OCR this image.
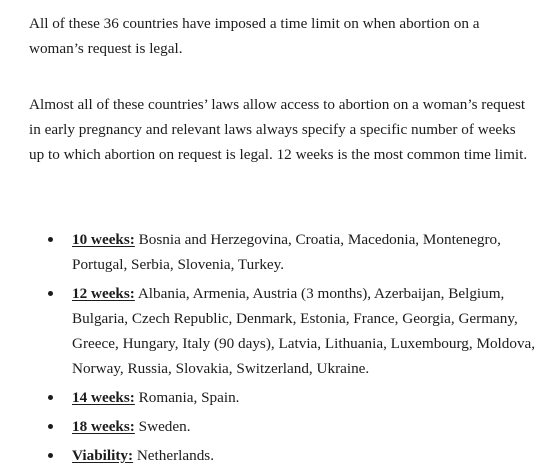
All of these 36 countries have imposed a time limit on when abortion on a woman’s request is legal.

Almost all of these countries’ laws allow access to abortion on a woman’s request in early pregnancy and relevant laws always specify a specific number of weeks up to which abortion on request is legal. 12 weeks is the most common time limit.

10 weeks: Bosnia and Herzegovina, Croatia, Macedonia, Montenegro, Portugal, Serbia, Slovenia, Turkey.
12 weeks: Albania, Armenia, Austria (3 months), Azerbaijan, Belgium, Bulgaria, Czech Republic, Denmark, Estonia, France, Georgia, Germany, Greece, Hungary, Italy (90 days), Latvia, Lithuania, Luxembourg, Moldova, Norway, Russia, Slovakia, Switzerland, Ukraine.
14 weeks: Romania, Spain.
18 weeks: Sweden.
Viability: Netherlands.
